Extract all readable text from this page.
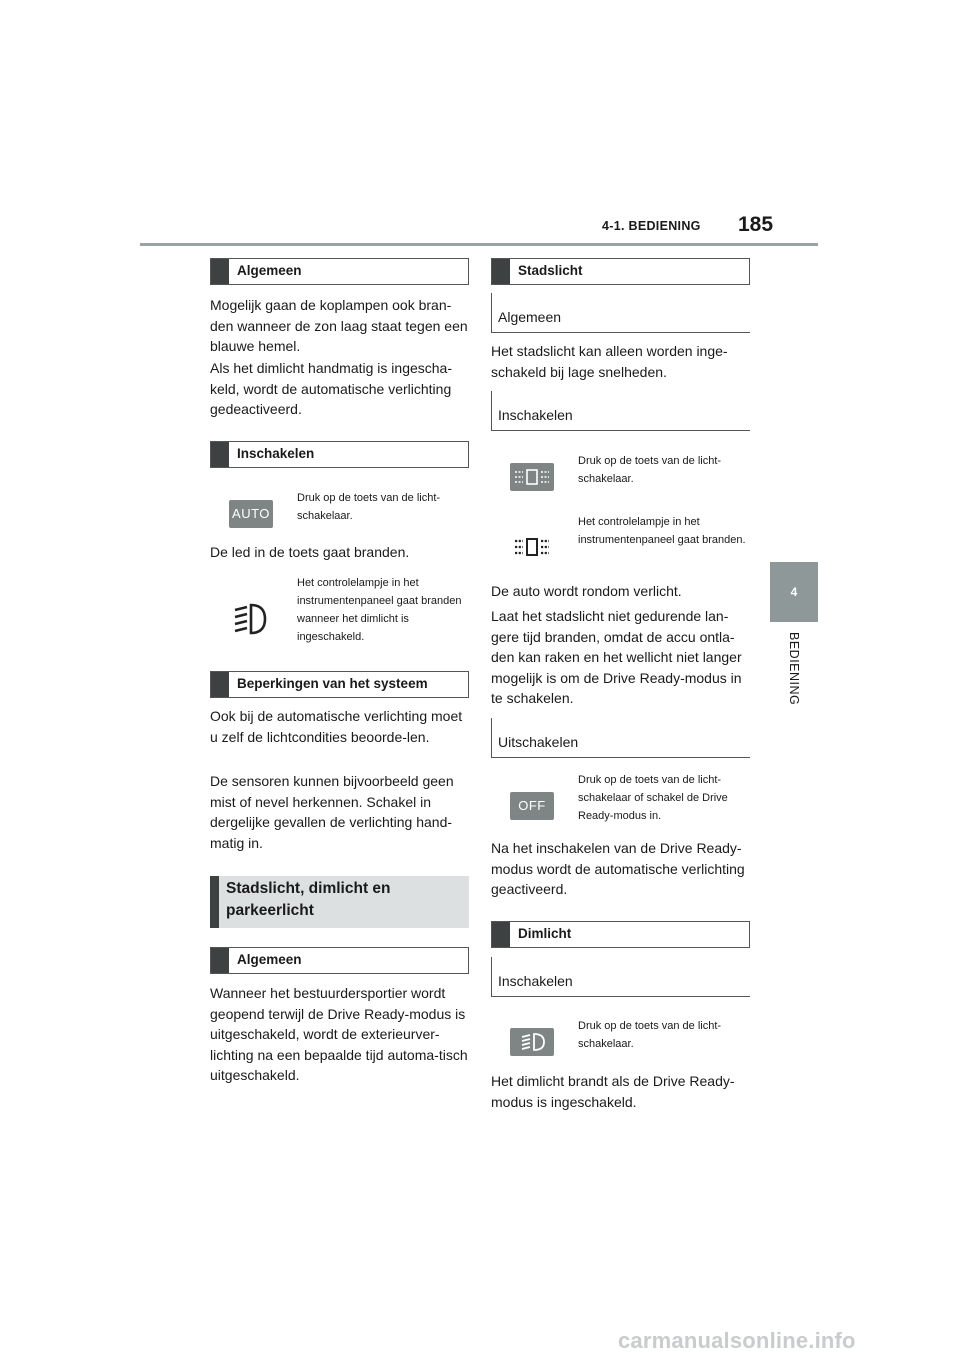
4-1. BEDIENING 185
4
BEDIENING
Algemeen
Mogelijk gaan de koplampen ook bran-den wanneer de zon laag staat tegen een blauwe hemel.
Als het dimlicht handmatig is ingescha-keld, wordt de automatische verlichting gedeactiveerd.
Inschakelen
AUTO
Druk op de toets van de licht-schakelaar.
De led in de toets gaat branden.
Het controlelampje in het instrumentenpaneel gaat branden wanneer het dimlicht is ingeschakeld.
Beperkingen van het systeem
Ook bij de automatische verlichting moet u zelf de lichtcondities beoorde-len.
De sensoren kunnen bijvoorbeeld geen mist of nevel herkennen. Schakel in dergelijke gevallen de verlichting hand-matig in.
Stadslicht, dimlicht en parkeerlicht
Algemeen
Wanneer het bestuurdersportier wordt geopend terwijl de Drive Ready-modus is uitgeschakeld, wordt de exterieurver-lichting na een bepaalde tijd automa-tisch uitgeschakeld.
Stadslicht
Algemeen
Het stadslicht kan alleen worden inge-schakeld bij lage snelheden.
Inschakelen
Druk op de toets van de licht-schakelaar.
Het controlelampje in het instrumentenpaneel gaat branden.
De auto wordt rondom verlicht.
Laat het stadslicht niet gedurende lan-gere tijd branden, omdat de accu ontla-den kan raken en het wellicht niet langer mogelijk is om de Drive Ready-modus in te schakelen.
Uitschakelen
OFF
Druk op de toets van de licht-schakelaar of schakel de Drive Ready-modus in.
Na het inschakelen van de Drive Ready-modus wordt de automatische verlichting geactiveerd.
Dimlicht
Inschakelen
Druk op de toets van de licht-schakelaar.
Het dimlicht brandt als de Drive Ready-modus is ingeschakeld.
carmanualsonline.info
